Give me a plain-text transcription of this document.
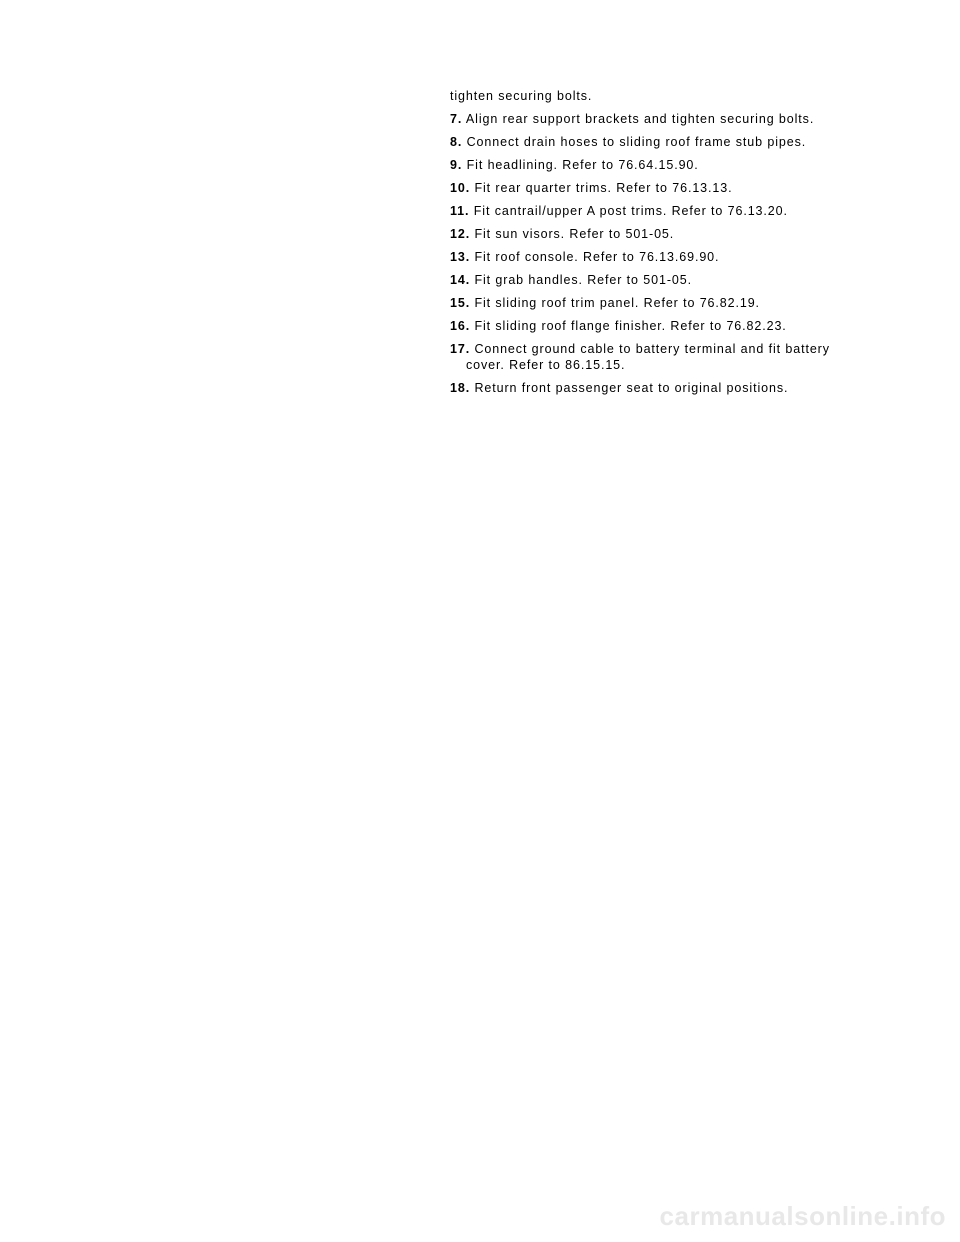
tighten securing bolts.
7. Align rear support brackets and tighten securing bolts.
8. Connect drain hoses to sliding roof frame stub pipes.
9. Fit headlining. Refer to 76.64.15.90.
10. Fit rear quarter trims. Refer to 76.13.13.
11. Fit cantrail/upper A post trims. Refer to 76.13.20.
12. Fit sun visors. Refer to 501-05.
13. Fit roof console. Refer to 76.13.69.90.
14. Fit grab handles. Refer to 501-05.
15. Fit sliding roof trim panel. Refer to 76.82.19.
16. Fit sliding roof flange finisher. Refer to 76.82.23.
17. Connect ground cable to battery terminal and fit battery
cover. Refer to 86.15.15.
18. Return front passenger seat to original positions.
carmanualsonline.info
